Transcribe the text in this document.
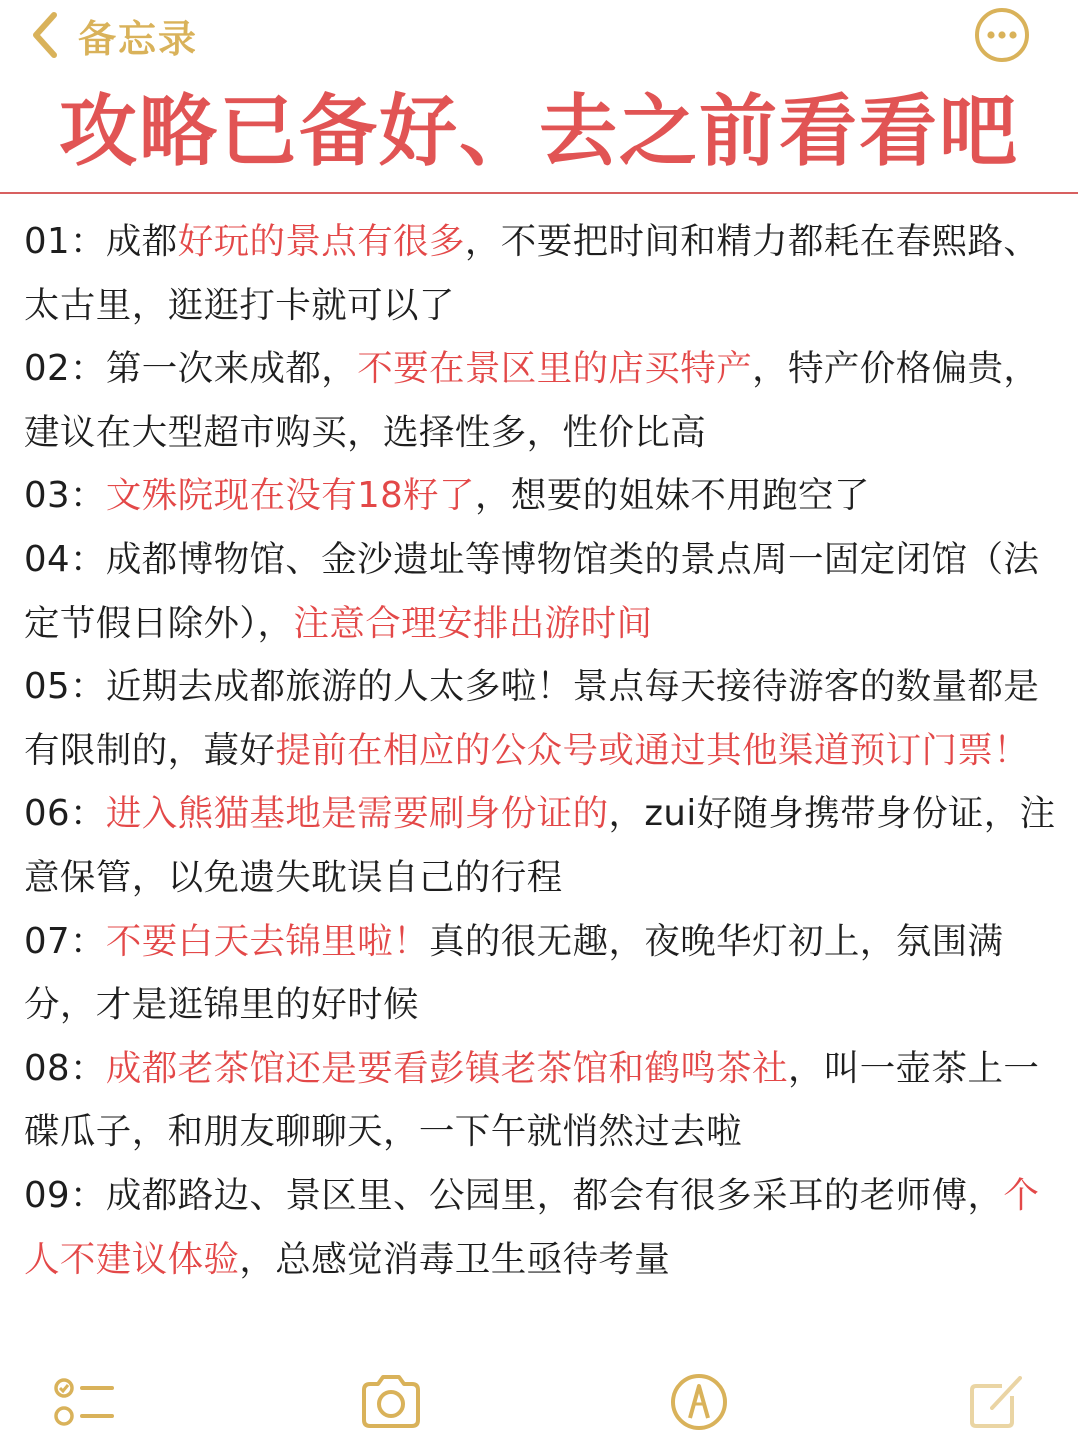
备忘录
攻略已备好、去之前看看吧

01：成都好玩的景点有很多，不要把时间和精力都耗在春熙路、太古里，逛逛打卡就可以了

02：第一次来成都，不要在景区里的店买特产，特产价格偏贵，建议在大型超市购买，选择性多，性价比高

03：文殊院现在没有18籽了，想要的姐妹不用跑空了

04：成都博物馆、金沙遗址等博物馆类的景点周一固定闭馆（法定节假日除外），注意合理安排出游时间

05：近期去成都旅游的人太多啦！景点每天接待游客的数量都是有限制的，蕞好提前在相应的公众号或通过其他渠道预订门票！

06：进入熊猫基地是需要刷身份证的，zui好随身携带身份证，注意保管，以免遗失耽误自己的行程

07：不要白天去锦里啦！真的很无趣，夜晚华灯初上，氛围满分，才是逛锦里的好时候

08：成都老茶馆还是要看彭镇老茶馆和鹤鸣茶社，叫一壶茶上一碟瓜子，和朋友聊聊天，一下午就悄然过去啦

09：成都路边、景区里、公园里，都会有很多采耳的老师傅，个人不建议体验，总感觉消毒卫生亟待考量
